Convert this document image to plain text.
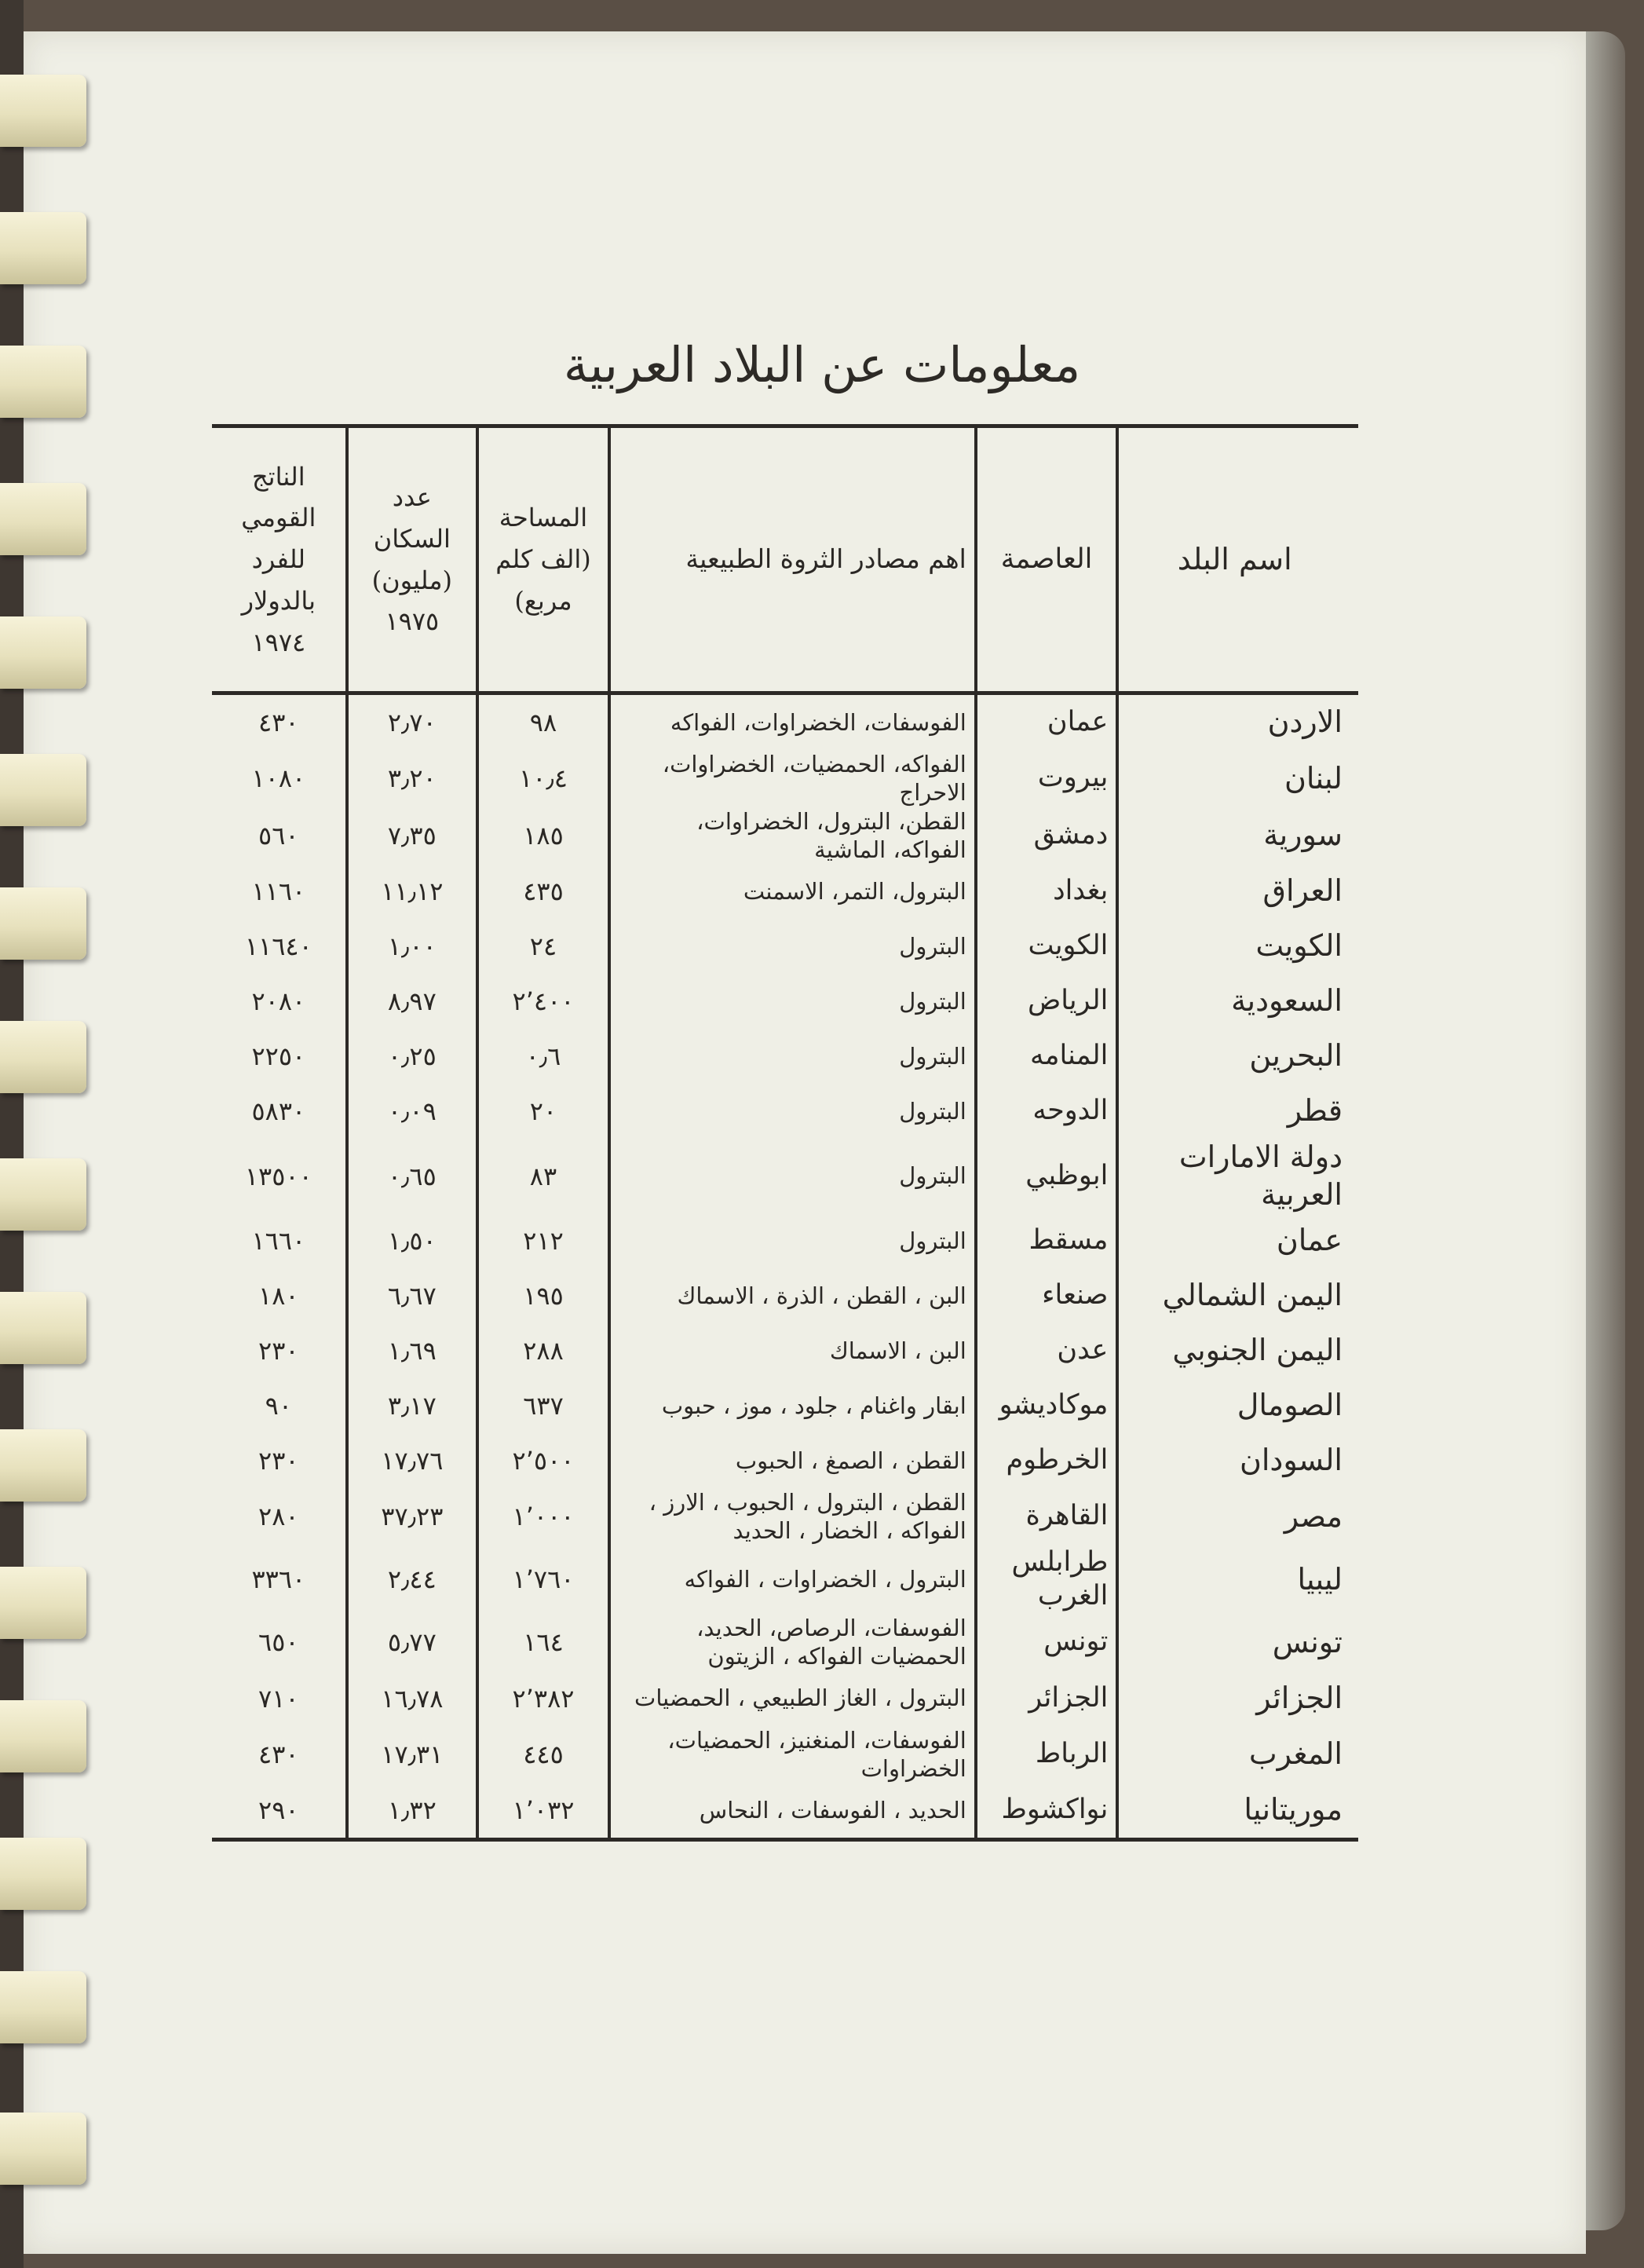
معلومات عن البلاد العربية
اسم البلد	العاصمة	اهم مصادر الثروة الطبيعية	المساحة (الف كلم مربع)	عدد السكان (مليون) ١٩٧٥	الناتج القومي للفرد بالدولار ١٩٧٤
الاردن	عمان	الفوسفات، الخضراوات، الفواكه	٩٨	٢٫٧٠	٤٣٠
لبنان	بيروت	الفواكه، الحمضيات، الخضراوات، الاحراج	١٠٫٤	٣٫٢٠	١٠٨٠
سورية	دمشق	القطن، البترول، الخضراوات، الفواكه، الماشية	١٨٥	٧٫٣٥	٥٦٠
العراق	بغداد	البترول، التمر، الاسمنت	٤٣٥	١١٫١٢	١١٦٠
الكويت	الكويت	البترول	٢٤	١٫٠٠	١١٦٤٠
السعودية	الرياض	البترول	٢٬٤٠٠	٨٫٩٧	٢٠٨٠
البحرين	المنامه	البترول	٠٫٦	٠٫٢٥	٢٢٥٠
قطر	الدوحه	البترول	٢٠	٠٫٠٩	٥٨٣٠
دولة الامارات العربية	ابوظبي	البترول	٨٣	٠٫٦٥	١٣٥٠٠
عمان	مسقط	البترول	٢١٢	١٫٥٠	١٦٦٠
اليمن الشمالي	صنعاء	البن ، القطن ، الذرة ، الاسماك	١٩٥	٦٫٦٧	١٨٠
اليمن الجنوبي	عدن	البن ، الاسماك	٢٨٨	١٫٦٩	٢٣٠
الصومال	موكاديشو	ابقار واغنام ، جلود ، موز ، حبوب	٦٣٧	٣٫١٧	٩٠
السودان	الخرطوم	القطن ، الصمغ ، الحبوب	٢٬٥٠٠	١٧٫٧٦	٢٣٠
مصر	القاهرة	القطن ، البترول ، الحبوب ، الارز ، الفواكه ، الخضار ، الحديد	١٬٠٠٠	٣٧٫٢٣	٢٨٠
ليبيا	طرابلس الغرب	البترول ، الخضراوات ، الفواكه	١٬٧٦٠	٢٫٤٤	٣٣٦٠
تونس	تونس	الفوسفات، الرصاص، الحديد، الحمضيات الفواكه ، الزيتون	١٦٤	٥٫٧٧	٦٥٠
الجزائر	الجزائر	البترول ، الغاز الطبيعي ، الحمضيات	٢٬٣٨٢	١٦٫٧٨	٧١٠
المغرب	الرباط	الفوسفات، المنغنيز، الحمضيات، الخضراوات	٤٤٥	١٧٫٣١	٤٣٠
موريتانيا	نواكشوط	الحديد ، الفوسفات ، النحاس	١٬٠٣٢	١٫٣٢	٢٩٠
